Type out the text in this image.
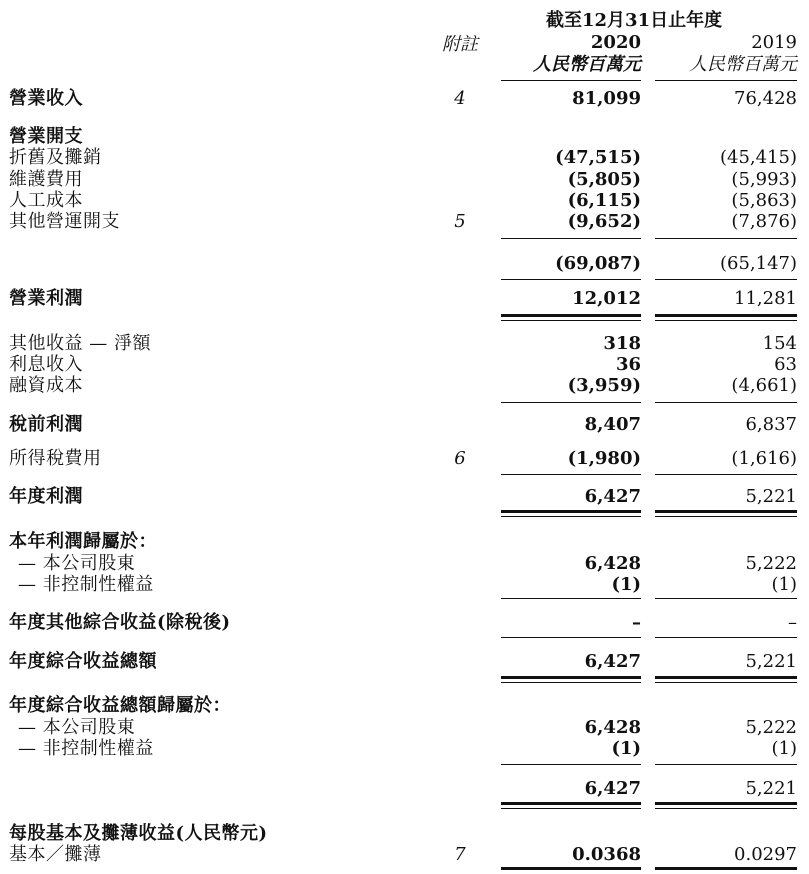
截至12月31日止年度
附註	2020	2019
人民幣百萬元	人民幣百萬元
營業收入	4	81,099	76,428
營業開支
折舊及攤銷	(47,515)	(45,415)
維護費用	(5,805)	(5,993)
人工成本	(6,115)	(5,863)
其他營運開支	5	(9,652)	(7,876)
(69,087)	(65,147)
營業利潤	12,012	11,281
其他收益 — 淨額	318	154
利息收入	36	63
融資成本	(3,959)	(4,661)
稅前利潤	8,407	6,837
所得稅費用	6	(1,980)	(1,616)
年度利潤	6,427	5,221
本年利潤歸屬於：
— 本公司股東	6,428	5,222
— 非控制性權益	(1)	(1)
年度其他綜合收益(除稅後)	–	–
年度綜合收益總額	6,427	5,221
年度綜合收益總額歸屬於：
— 本公司股東	6,428	5,222
— 非控制性權益	(1)	(1)
6,427	5,221
每股基本及攤薄收益(人民幣元)
基本／攤薄	7	0.0368	0.0297
